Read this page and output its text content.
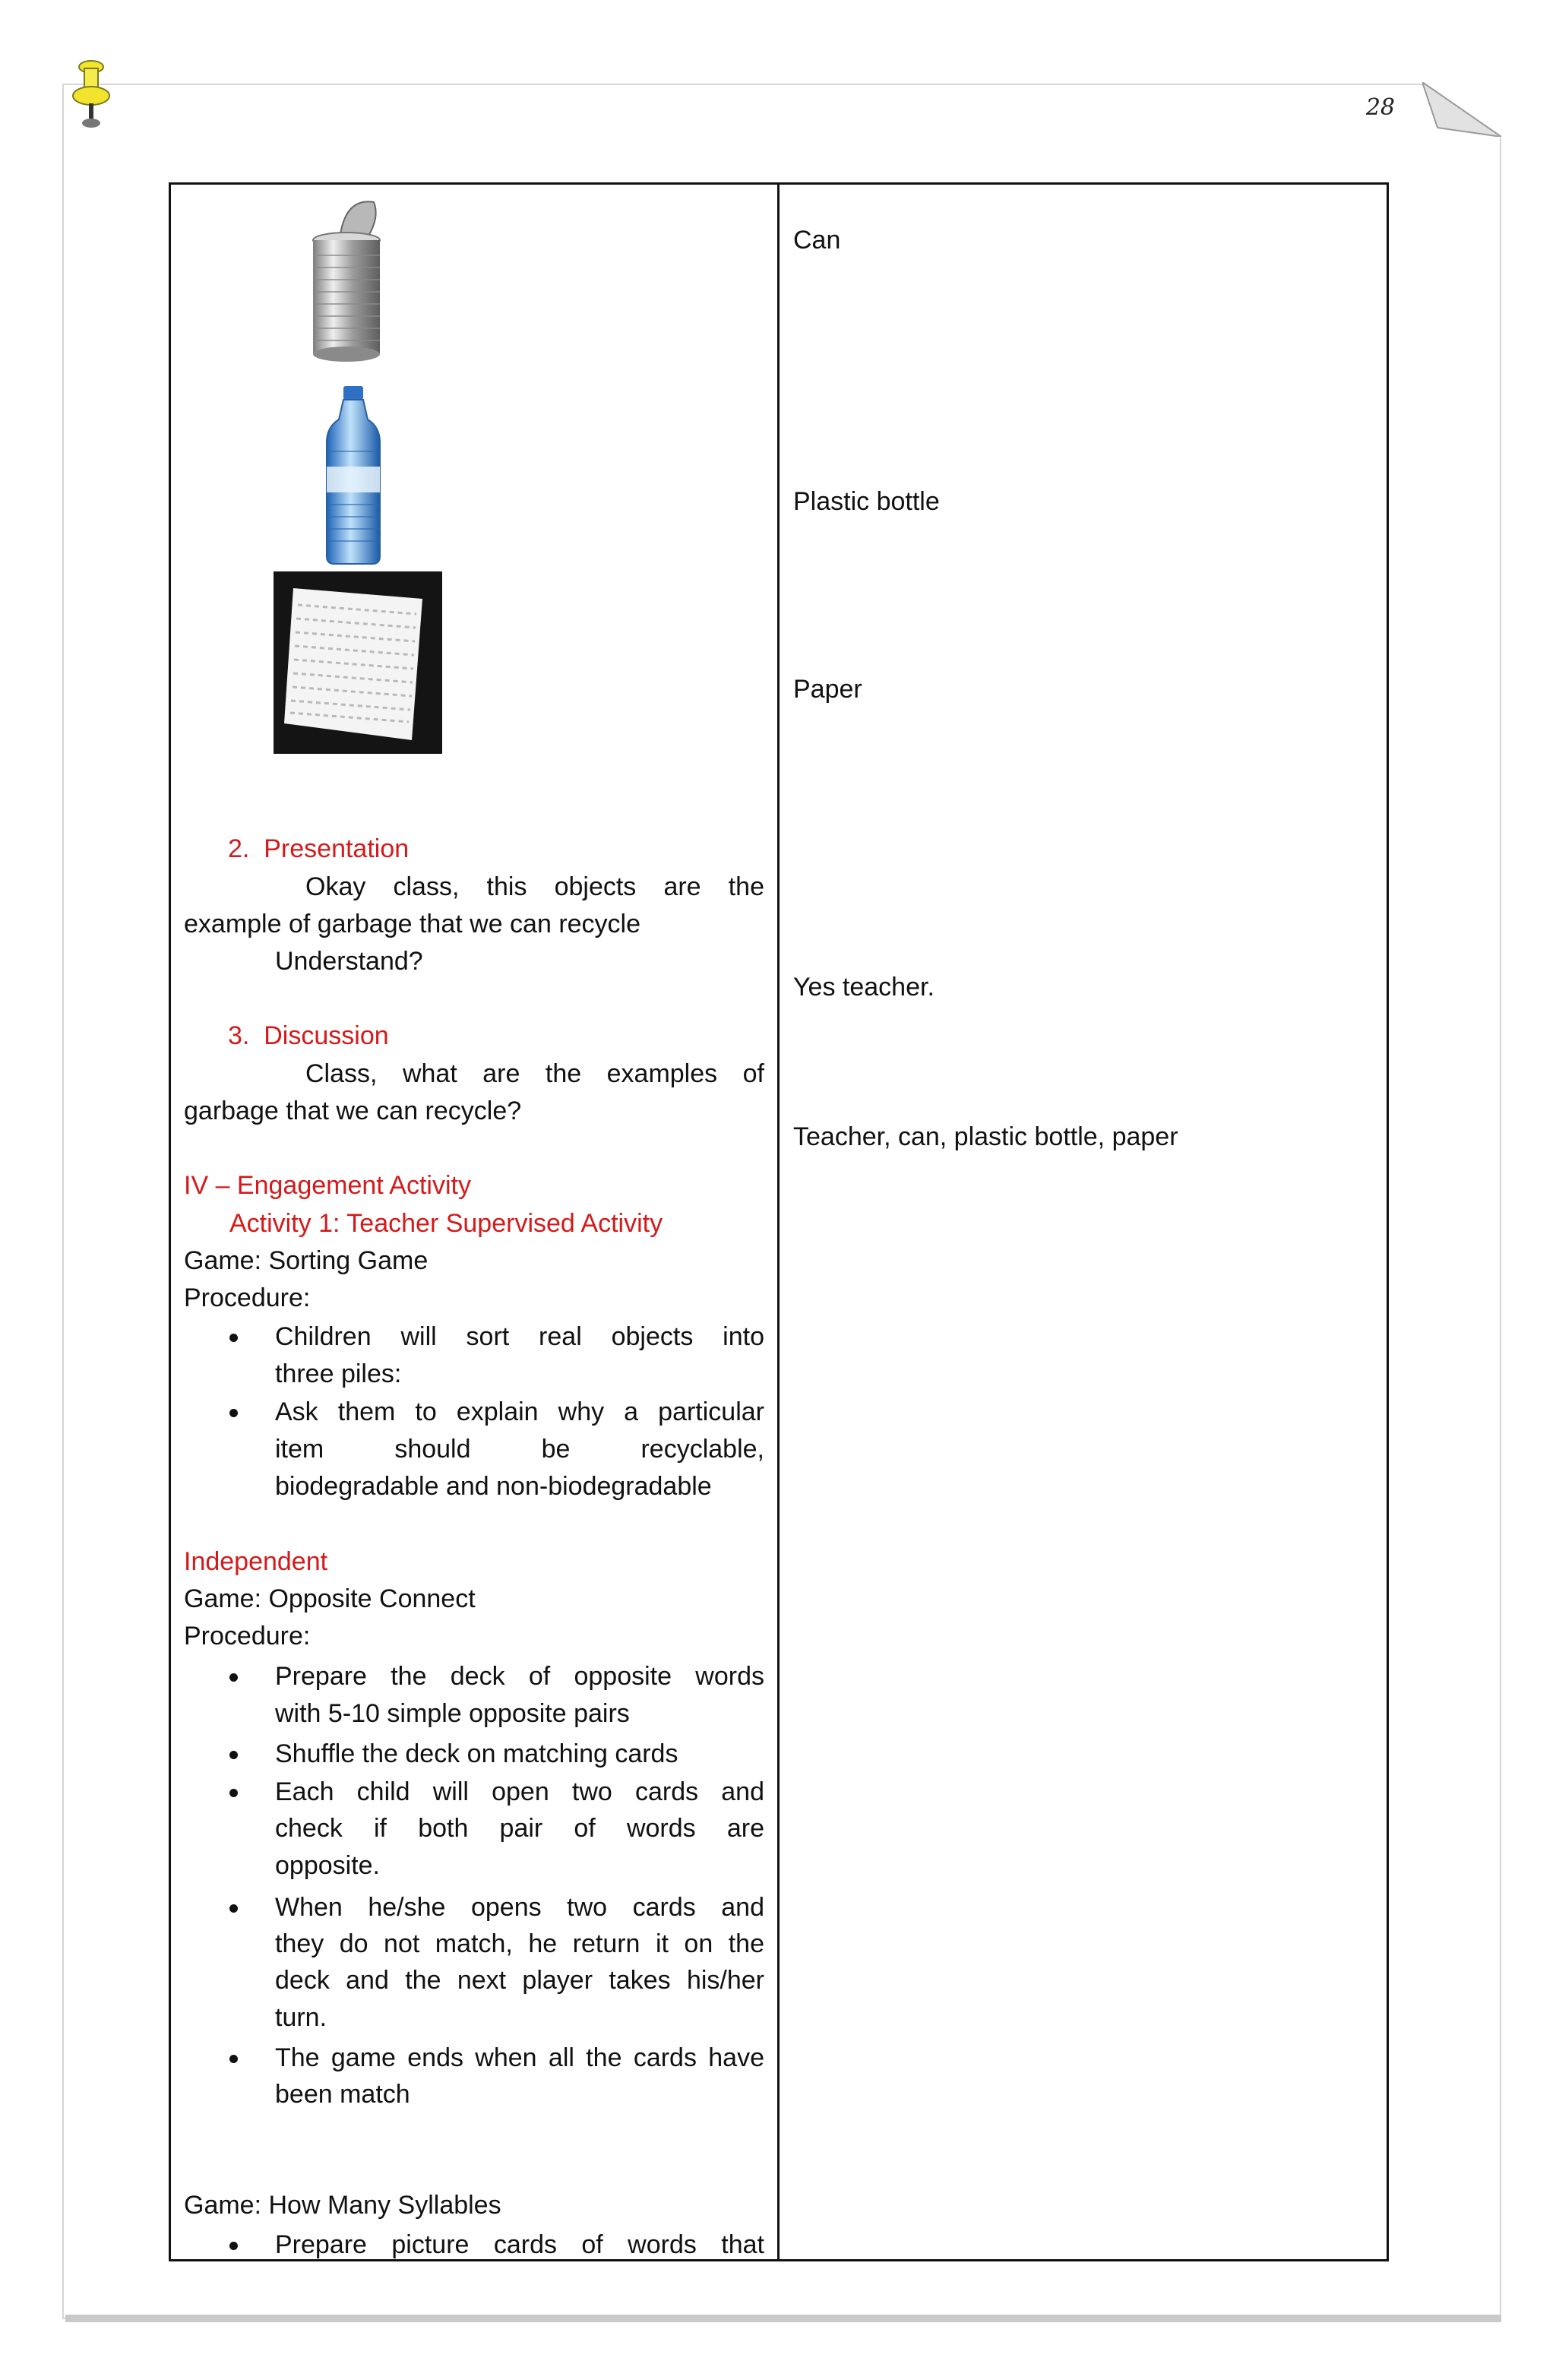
28
2.  Presentation
Okay class, this objects are the
example of garbage that we can recycle
Understand?
3.  Discussion
Class, what are the examples of
garbage that we can recycle?
IV – Engagement Activity
Activity 1: Teacher Supervised Activity
Game: Sorting Game
Procedure:
Children will sort real objects into
three piles:
Ask them to explain why a particular
item should be recyclable,
biodegradable and non-biodegradable
Independent
Game: Opposite Connect
Procedure:
Prepare the deck of opposite words
with 5-10 simple opposite pairs
Shuffle the deck on matching cards
Each child will open two cards and
check if both pair of words are
opposite.
When he/she opens two cards and
they do not match, he return it on the
deck and the next player takes his/her
turn.
The game ends when all the cards have
been match
Game: How Many Syllables
Prepare picture cards of words that
Can
Plastic bottle
Paper
Yes teacher.
Teacher, can, plastic bottle, paper
